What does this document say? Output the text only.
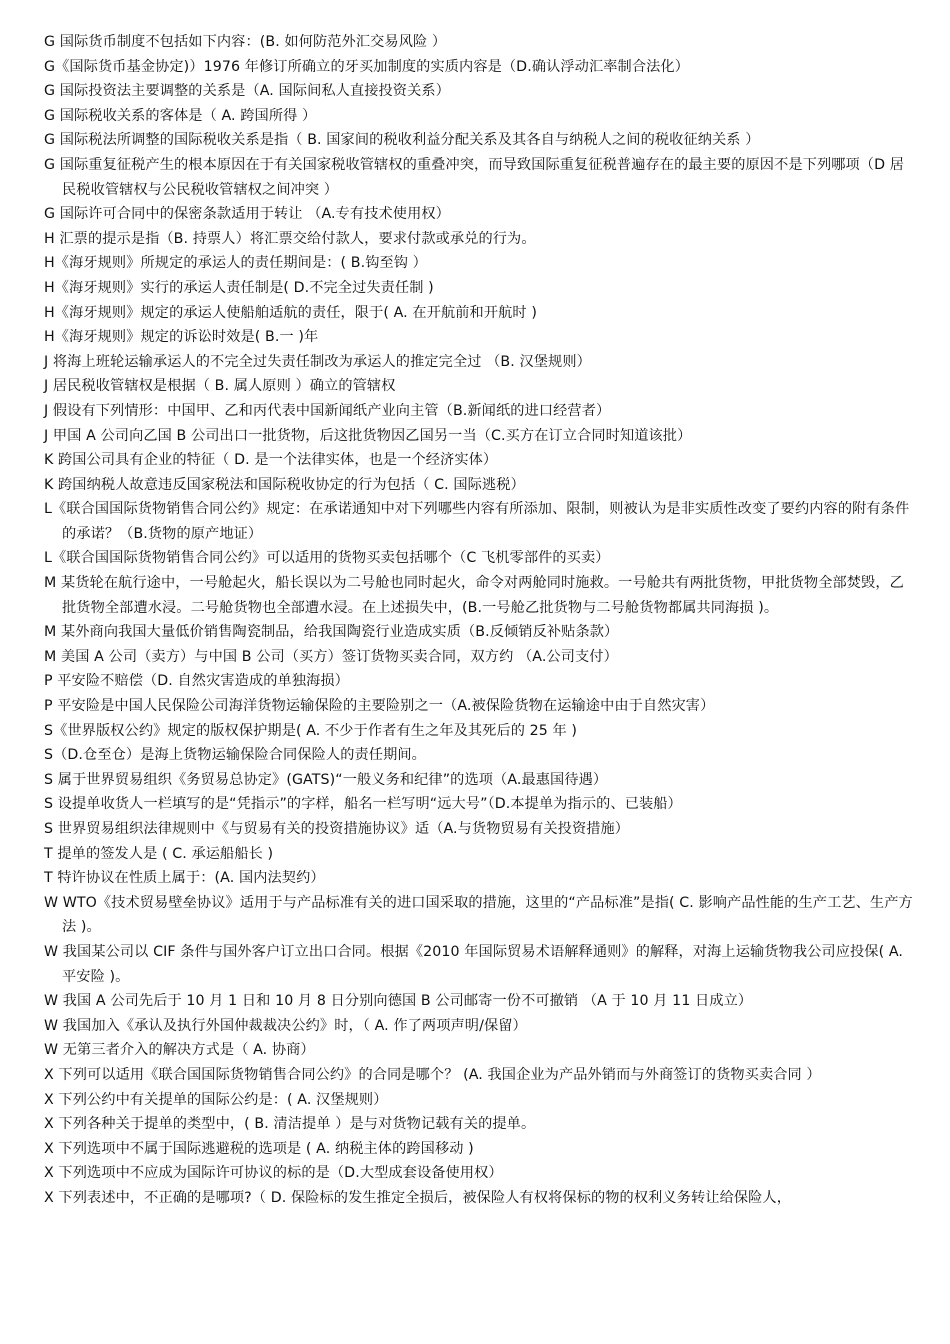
G 国际货币制度不包括如下内容：(B. 如何防范外汇交易风险 ）
G《国际货币基金协定)）1976 年修订所确立的牙买加制度的实质内容是（D.确认浮动汇率制合法化）
G 国际投资法主要调整的关系是（A. 国际间私人直接投资关系）
G 国际税收关系的客体是（ A. 跨国所得 ）
G 国际税法所调整的国际税收关系是指（ B. 国家间的税收利益分配关系及其各自与纳税人之间的税收征纳关系 ）
G 国际重复征税产生的根本原因在于有关国家税收管辖权的重叠冲突，而导致国际重复征税普遍存在的最主要的原因不是下列哪项（D 居民税收管辖权与公民税收管辖权之间冲突 ）
G 国际许可合同中的保密条款适用于转让 （A.专有技术使用权）
H 汇票的提示是指（B. 持票人）将汇票交给付款人，要求付款或承兑的行为。
H《海牙规则》所规定的承运人的责任期间是：( B.钩至钩 ）
H《海牙规则》实行的承运人责任制是( D.不完全过失责任制 )
H《海牙规则》规定的承运人使船舶适航的责任，限于( A. 在开航前和开航时 )
H《海牙规则》规定的诉讼时效是( B.一 )年
J 将海上班轮运输承运人的不完全过失责任制改为承运人的推定完全过 （B. 汉堡规则）
J 居民税收管辖权是根据（ B. 属人原则 ）确立的管辖权
J 假设有下列情形：中国甲、乙和丙代表中国新闻纸产业向主管（B.新闻纸的进口经营者）
J 甲国 A 公司向乙国 B 公司出口一批货物，后这批货物因乙国另一当（C.买方在订立合同时知道该批）
K 跨国公司具有企业的特征（ D. 是一个法律实体，也是一个经济实体）
K 跨国纳税人故意违反国家税法和国际税收协定的行为包括（ C. 国际逃税）
L《联合国国际货物销售合同公约》规定：在承诺通知中对下列哪些内容有所添加、限制，则被认为是非实质性改变了要约内容的附有条件的承诺？（B.货物的原产地证）
L《联合国国际货物销售合同公约》可以适用的货物买卖包括哪个（C 飞机零部件的买卖）
M 某货轮在航行途中，一号舱起火，船长误以为二号舱也同时起火，命令对两舱同时施救。一号舱共有两批货物，甲批货物全部焚毁，乙批货物全部遭水浸。二号舱货物也全部遭水浸。在上述损失中，(B.一号舱乙批货物与二号舱货物都属共同海损 )。
M 某外商向我国大量低价销售陶瓷制品，给我国陶瓷行业造成实质（B.反倾销反补贴条款）
M 美国 A 公司（卖方）与中国 B 公司（买方）签订货物买卖合同，双方约 （A.公司支付）
P 平安险不赔偿（D. 自然灾害造成的单独海损）
P 平安险是中国人民保险公司海洋货物运输保险的主要险别之一（A.被保险货物在运输途中由于自然灾害）
S《世界版权公约》规定的版权保护期是( A. 不少于作者有生之年及其死后的 25 年 )
S（D.仓至仓）是海上货物运输保险合同保险人的责任期间。
S 属于世界贸易组织《务贸易总协定》(GATS)“一般义务和纪律”的选项（A.最惠国待遇）
S 设提单收货人一栏填写的是“凭指示”的字样，船名一栏写明“远大号”（D.本提单为指示的、已装船）
S 世界贸易组织法律规则中《与贸易有关的投资措施协议》适（A.与货物贸易有关投资措施）
T 提单的签发人是 ( C. 承运船船长 )
T 特许协议在性质上属于：(A. 国内法契约）
W WTO《技术贸易壁垒协议》适用于与产品标准有关的进口国采取的措施，这里的“产品标准”是指( C. 影响产品性能的生产工艺、生产方法 )。
W 我国某公司以 CIF 条件与国外客户订立出口合同。根据《2010 年国际贸易术语解释通则》的解释，对海上运输货物我公司应投保( A. 平安险 )。
W 我国 A 公司先后于 10 月 1 日和 10 月 8 日分别向德国 B 公司邮寄一份不可撤销 （A 于 10 月 11 日成立）
W 我国加入《承认及执行外国仲裁裁决公约》时，（ A. 作了两项声明/保留）
W 无第三者介入的解决方式是（ A. 协商）
X 下列可以适用《联合国国际货物销售合同公约》的合同是哪个？ (A. 我国企业为产品外销而与外商签订的货物买卖合同 ）
X 下列公约中有关提单的国际公约是：( A. 汉堡规则）
X 下列各种关于提单的类型中，( B. 清洁提单 ）是与对货物记载有关的提单。
X 下列选项中不属于国际逃避税的选项是 ( A. 纳税主体的跨国移动 )
X 下列选项中不应成为国际许可协议的标的是（D.大型成套设备使用权）
X 下列表述中，不正确的是哪项?（ D. 保险标的发生推定全损后，被保险人有权将保标的物的权利义务转让给保险人，
